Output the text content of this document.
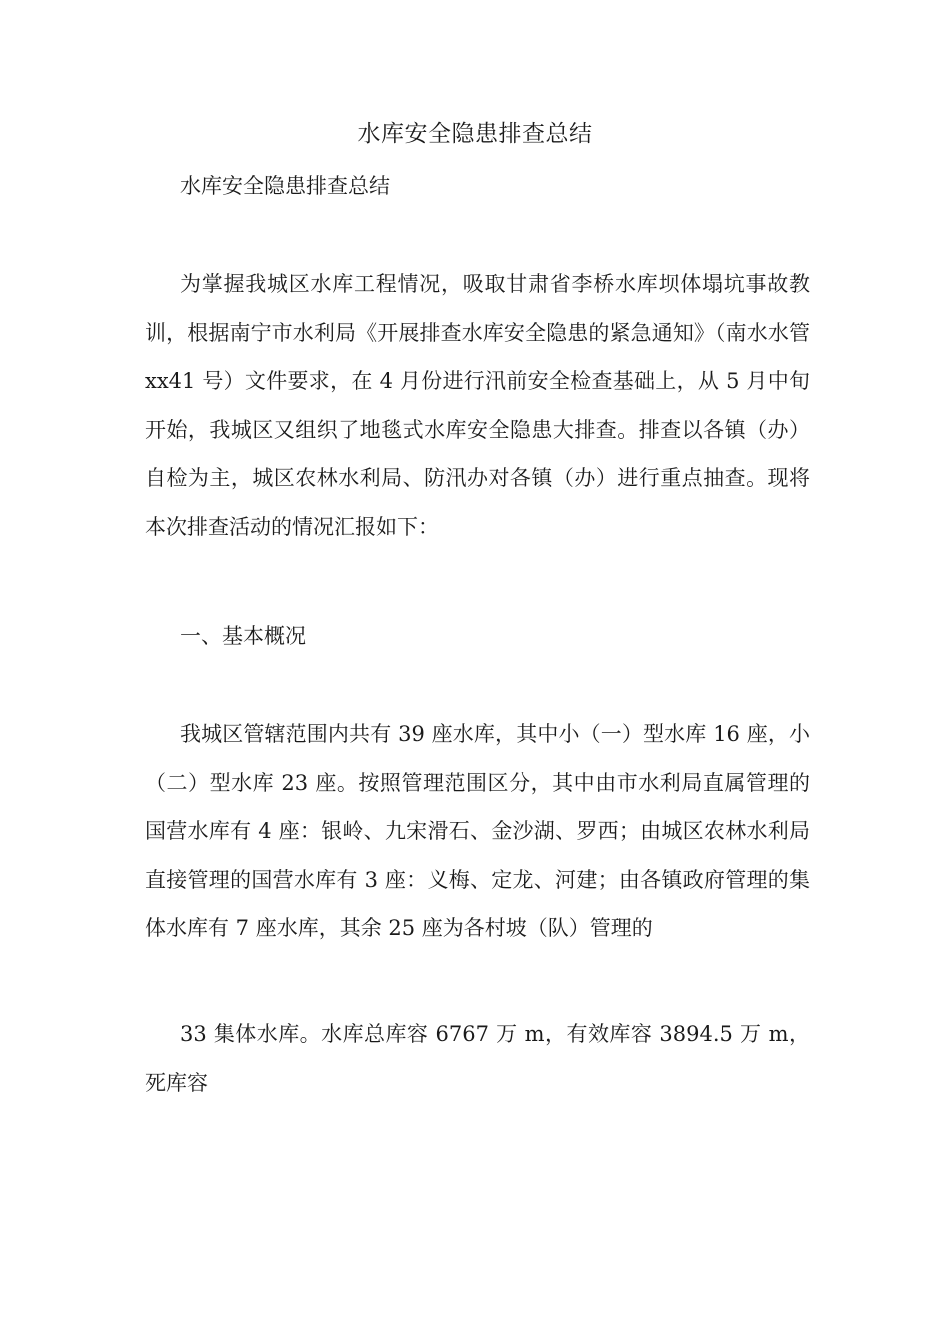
水库安全隐患排查总结
水库安全隐患排查总结

为掌握我城区水库工程情况，吸取甘肃省李桥水库坝体塌坑事故教训，根据南宁市水利局《开展排查水库安全隐患的紧急通知》（南水水管 xx41 号）文件要求，在 4 月份进行汛前安全检查基础上，从 5 月中旬开始，我城区又组织了地毯式水库安全隐患大排查。排查以各镇（办）自检为主，城区农林水利局、防汛办对各镇（办）进行重点抽查。现将本次排查活动的情况汇报如下：

一、基本概况

我城区管辖范围内共有 39 座水库，其中小（一）型水库 16 座，小（二）型水库 23 座。按照管理范围区分，其中由市水利局直属管理的国营水库有 4 座：银岭、九宋滑石、金沙湖、罗西；由城区农林水利局直接管理的国营水库有 3 座：义梅、定龙、河建；由各镇政府管理的集体水库有 7 座水库，其余 25 座为各村坡（队）管理的

33 集体水库。水库总库容 6767 万 m，有效库容 3894.5 万 m，死库容
